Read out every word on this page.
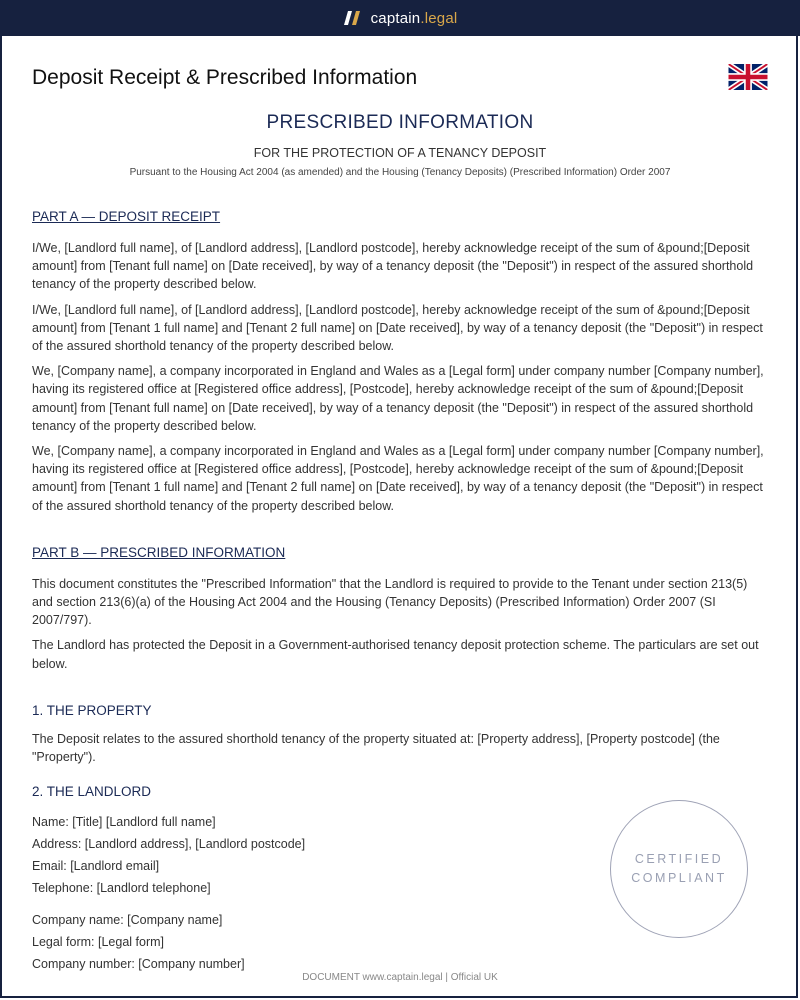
captain.legal
Deposit Receipt & Prescribed Information
PRESCRIBED INFORMATION
FOR THE PROTECTION OF A TENANCY DEPOSIT
Pursuant to the Housing Act 2004 (as amended) and the Housing (Tenancy Deposits) (Prescribed Information) Order 2007
PART A — DEPOSIT RECEIPT

I/We, [Landlord full name], of [Landlord address], [Landlord postcode], hereby acknowledge receipt of the sum of &pound;[Deposit amount] from [Tenant full name] on [Date received], by way of a tenancy deposit (the "Deposit") in respect of the assured shorthold tenancy of the property described below.

I/We, [Landlord full name], of [Landlord address], [Landlord postcode], hereby acknowledge receipt of the sum of &pound;[Deposit amount] from [Tenant 1 full name] and [Tenant 2 full name] on [Date received], by way of a tenancy deposit (the "Deposit") in respect of the assured shorthold tenancy of the property described below.

We, [Company name], a company incorporated in England and Wales as a [Legal form] under company number [Company number], having its registered office at [Registered office address], [Postcode], hereby acknowledge receipt of the sum of &pound;[Deposit amount] from [Tenant full name] on [Date received], by way of a tenancy deposit (the "Deposit") in respect of the assured shorthold tenancy of the property described below.

We, [Company name], a company incorporated in England and Wales as a [Legal form] under company number [Company number], having its registered office at [Registered office address], [Postcode], hereby acknowledge receipt of the sum of &pound;[Deposit amount] from [Tenant 1 full name] and [Tenant 2 full name] on [Date received], by way of a tenancy deposit (the "Deposit") in respect of the assured shorthold tenancy of the property described below.

PART B — PRESCRIBED INFORMATION

This document constitutes the "Prescribed Information" that the Landlord is required to provide to the Tenant under section 213(5) and section 213(6)(a) of the Housing Act 2004 and the Housing (Tenancy Deposits) (Prescribed Information) Order 2007 (SI 2007/797).

The Landlord has protected the Deposit in a Government-authorised tenancy deposit protection scheme. The particulars are set out below.

1. THE PROPERTY

The Deposit relates to the assured shorthold tenancy of the property situated at: [Property address], [Property postcode] (the "Property").

2. THE LANDLORD
Name: [Title] [Landlord full name]
Address: [Landlord address], [Landlord postcode]
Email: [Landlord email]
Telephone: [Landlord telephone]
Company name: [Company name]
Legal form: [Legal form]
Company number: [Company number]
CERTIFIED
COMPLIANT
DOCUMENT www.captain.legal | Official UK
